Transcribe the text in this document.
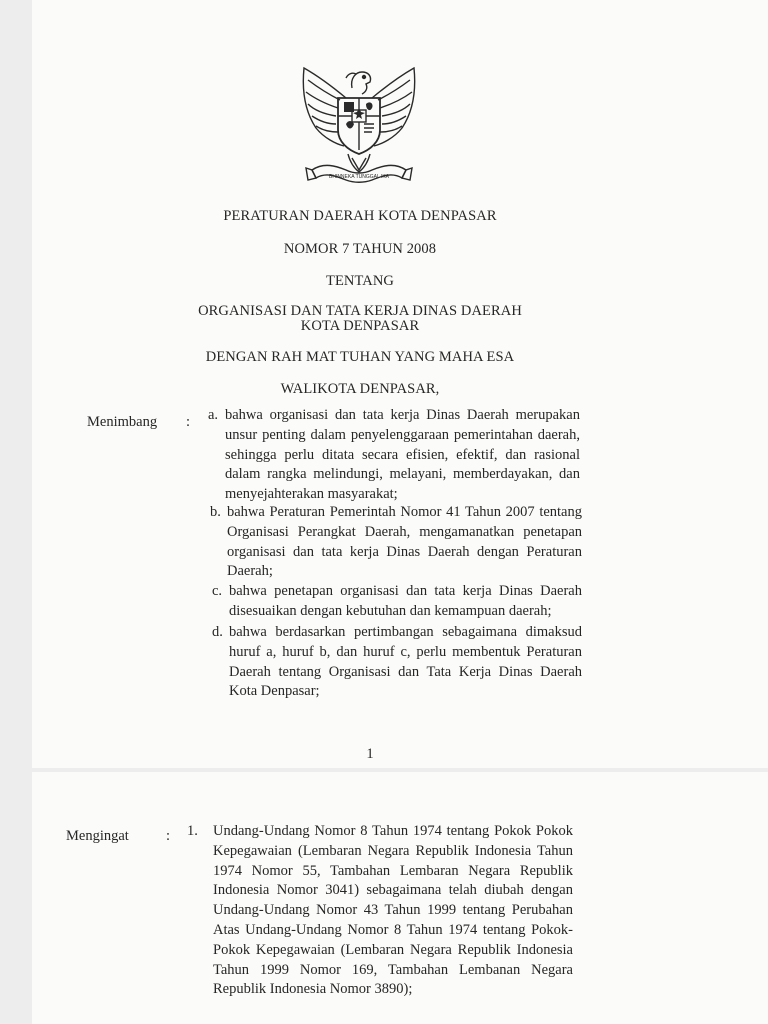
BHINNEKA TUNGGAL IKA
PERATURAN DAERAH KOTA DENPASAR
NOMOR 7 TAHUN 2008
TENTANG
ORGANISASI DAN TATA KERJA DINAS DAERAH
KOTA DENPASAR
DENGAN RAH MAT TUHAN YANG MAHA ESA
WALIKOTA DENPASAR,
Menimbang : a. bahwa organisasi dan tata kerja Dinas Daerah merupakan unsur penting dalam penyelenggaraan pemerintahan daerah, sehingga perlu ditata secara efisien, efektif, dan rasional dalam rangka melindungi, melayani, memberdayakan, dan menyejahterakan masyarakat;
b. bahwa Peraturan Pemerintah Nomor 41 Tahun 2007 tentang Organisasi Perangkat Daerah, mengamanatkan penetapan organisasi dan tata kerja Dinas Daerah dengan Peraturan Daerah;
c. bahwa penetapan organisasi dan tata kerja Dinas Daerah disesuaikan dengan kebutuhan dan kemampuan daerah;
d. bahwa berdasarkan pertimbangan sebagaimana dimaksud huruf a, huruf b, dan huruf c, perlu membentuk Peraturan Daerah tentang Organisasi dan Tata Kerja Dinas Daerah Kota Denpasar;
1
Mengingat	: 1.	Undang-Undang Nomor 8 Tahun 1974 tentang Pokok Pokok Kepegawaian (Lembaran Negara Republik Indonesia Tahun 1974 Nomor 55, Tambahan Lembaran Negara Republik Indonesia Nomor 3041) sebagaimana telah diubah dengan Undang-Undang Nomor 43 Tahun 1999 tentang Perubahan Atas Undang-Undang Nomor 8 Tahun 1974 tentang Pokok-Pokok Kepegawaian (Lembaran Negara Republik Indonesia Tahun 1999 Nomor 169, Tambahan Lembanan Negara Republik Indonesia Nomor 3890);
